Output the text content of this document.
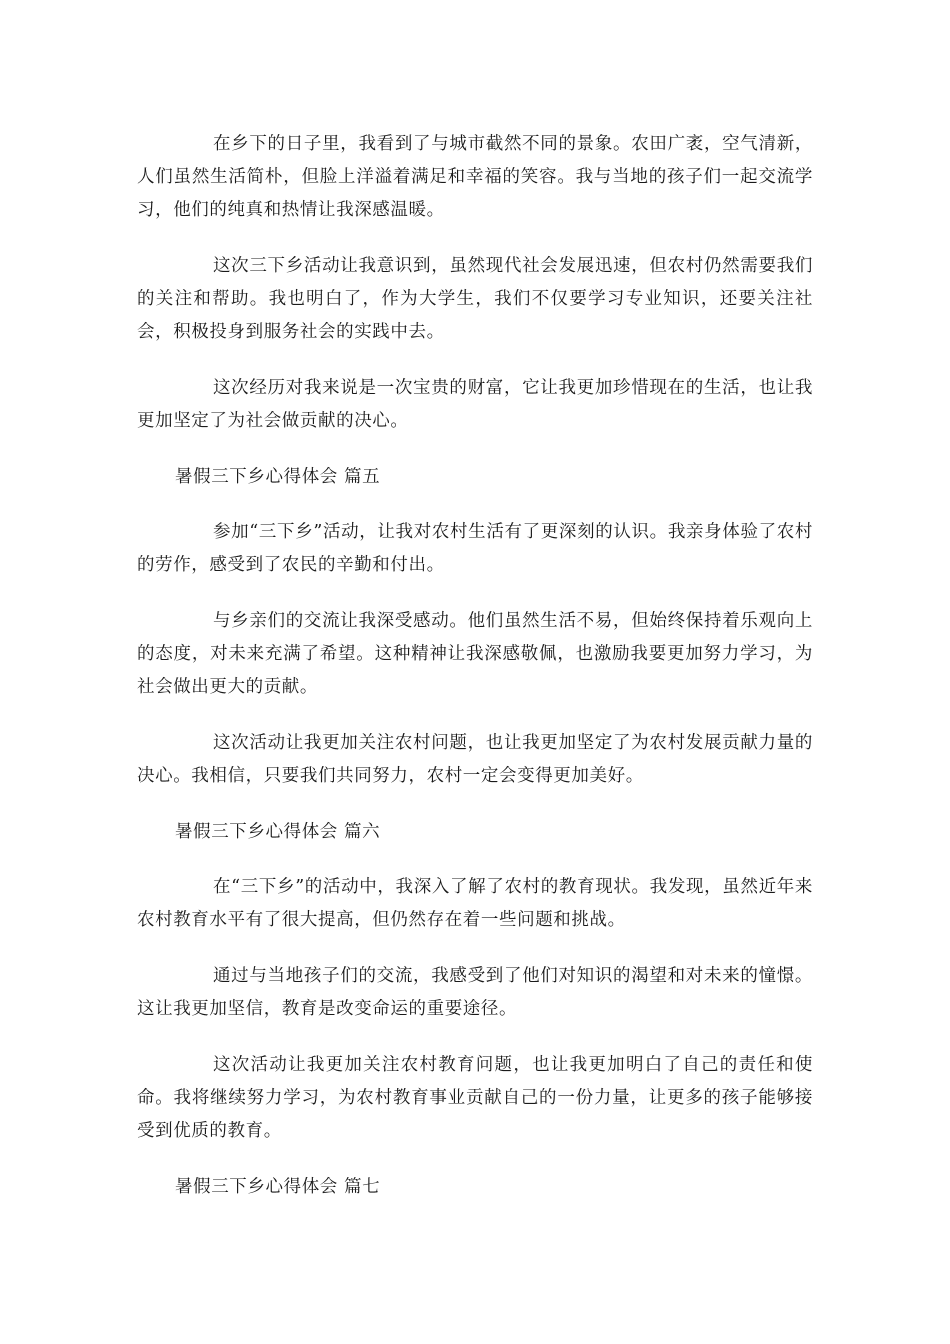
在乡下的日子里，我看到了与城市截然不同的景象。农田广袤，空气清新，人们虽然生活简朴，但脸上洋溢着满足和幸福的笑容。我与当地的孩子们一起交流学习，他们的纯真和热情让我深感温暖。

这次三下乡活动让我意识到，虽然现代社会发展迅速，但农村仍然需要我们的关注和帮助。我也明白了，作为大学生，我们不仅要学习专业知识，还要关注社会，积极投身到服务社会的实践中去。

这次经历对我来说是一次宝贵的财富，它让我更加珍惜现在的生活，也让我更加坚定了为社会做贡献的决心。

暑假三下乡心得体会 篇五

参加“三下乡”活动，让我对农村生活有了更深刻的认识。我亲身体验了农村的劳作，感受到了农民的辛勤和付出。

与乡亲们的交流让我深受感动。他们虽然生活不易，但始终保持着乐观向上的态度，对未来充满了希望。这种精神让我深感敬佩，也激励我要更加努力学习，为社会做出更大的贡献。

这次活动让我更加关注农村问题，也让我更加坚定了为农村发展贡献力量的决心。我相信，只要我们共同努力，农村一定会变得更加美好。

暑假三下乡心得体会 篇六

在“三下乡”的活动中，我深入了解了农村的教育现状。我发现，虽然近年来农村教育水平有了很大提高，但仍然存在着一些问题和挑战。

通过与当地孩子们的交流，我感受到了他们对知识的渴望和对未来的憧憬。这让我更加坚信，教育是改变命运的重要途径。

这次活动让我更加关注农村教育问题，也让我更加明白了自己的责任和使命。我将继续努力学习，为农村教育事业贡献自己的一份力量，让更多的孩子能够接受到优质的教育。

暑假三下乡心得体会 篇七
